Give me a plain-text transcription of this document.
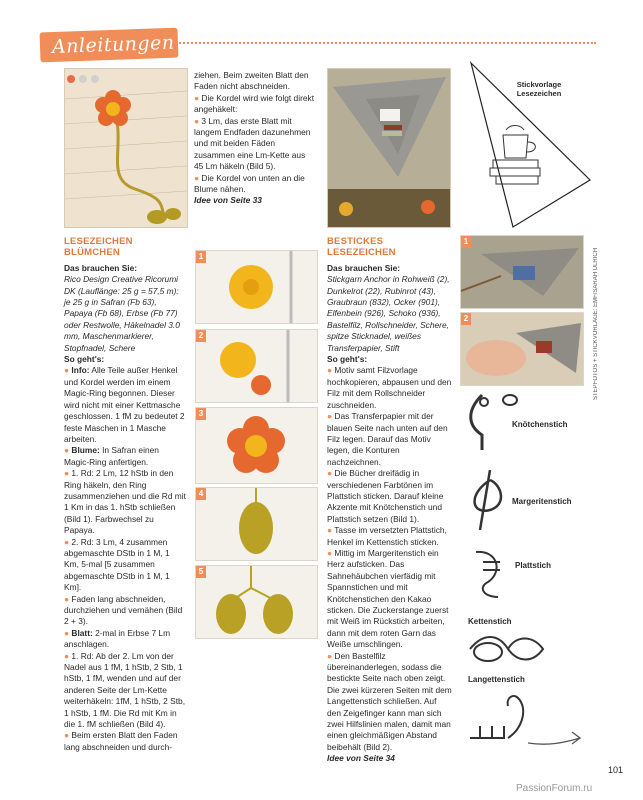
Anleitungen

LESEZEICHEN BLÜMCHEN

Das brauchen Sie:

Rico Design Creative Ricorumi DK (Lauflänge: 25 g = 57,5 m): je 25 g in Safran (Fb 63), Papaya (Fb 68), Erbse (Fb 77) oder Restwolle, Häkelnadel 3.0 mm, Maschenmarkierer, Stopfnadel, Schere

So geht's:

● Info: Alle Teile außer Henkel und Kordel werden im einem Magic-Ring begonnen. Dieser wird nicht mit einer Kettmasche geschlossen. 1 fM zu bedeutet 2 feste Maschen in 1 Masche arbeiten.

● Blume: In Safran einen Magic-Ring anfertigen.

● 1. Rd: 2 Lm, 12 hStb in den Ring häkeln, den Ring zusammenziehen und die Rd mit 1 Km in das 1. hStb schließen (Bild 1). Farbwechsel zu Papaya.

● 2. Rd: 3 Lm, 4 zusammen abgemaschte DStb in 1 M, 1 Km, 5-mal [5 zusammen abgemaschte DStb in 1 M, 1 Km].

● Faden lang abschneiden, durchziehen und vernähen (Bild 2 + 3).

● Blatt: 2-mal in Erbse 7 Lm anschlagen.

● 1. Rd: Ab der 2. Lm von der Nadel aus 1 fM, 1 hStb, 2 Stb, 1 hStb, 1 fM, wenden und auf der anderen Seite der Lm-Kette weiterhäkeln: 1fM, 1 hStb, 2 Stb, 1 hStb, 1 fM. Die Rd mit Km in die 1. fM schließen (Bild 4).

● Beim ersten Blatt den Faden lang abschneiden und durch-

ziehen. Beim zweiten Blatt den Faden nicht abschneiden.

● Die Kordel wird wie folgt direkt angehäkelt:

● 3 Lm, das erste Blatt mit langem Endfaden dazunehmen und mit beiden Fäden zusammen eine Lm-Kette aus 45 Lm häkeln (Bild 5).

● Die Kordel von unten an die Blume nähen.

Idee von Seite 33

1
2
3
4
5

BESTICKES LESEZEICHEN

Das brauchen Sie:

Stickgarn Anchor in Rohweiß (2), Dunkelrot (22), Rubinrot (43), Graubraun (832), Ocker (901), Elfenbein (926), Schoko (936), Bastelfilz, Rollschneider, Schere, spitze Sticknadel, weißes Transferpapier, Stift

So geht's:

● Motiv samt Filzvorlage hochkopieren, abpausen und den Filz mit dem Rollschneider zuschneiden.

● Das Transferpapier mit der blauen Seite nach unten auf den Filz legen. Darauf das Motiv legen, die Konturen nachzeichnen.

● Die Bücher dreifädig in verschiedenen Farbtönen im Plattstich sticken. Darauf kleine Akzente mit Knötchenstich und Plattstich setzen (Bild 1).

● Tasse im versetzten Plattstich, Henkel im Kettenstich sticken.

● Mittig im Margeritenstich ein Herz aufsticken. Das Sahnehäubchen vierfädig mit Spannstichen und mit Knötchenstichen den Kakao sticken. Die Zuckerstange zuerst mit Weiß im Rückstich arbeiten, dann mit dem roten Garn das Weiße umschlingen.

● Den Bastelfilz übereinanderlegen, sodass die bestickte Seite nach oben zeigt. Die zwei kürzeren Seiten mit dem Langettenstich schließen. Auf den Zeigefinger kann man sich zwei Hilfslinien malen, damit man einen gleichmäßigen Abstand beibehält (Bild 2).

Idee von Seite 34

Stickvorlage Lesezeichen
1
2	STEPFOTOS + STICKVORLAGE: EMF/SARAH ULRICH
Knötchenstich
Margeritenstich
Plattstich
Kettenstich
Langettenstich
101
PassionForum.ru
